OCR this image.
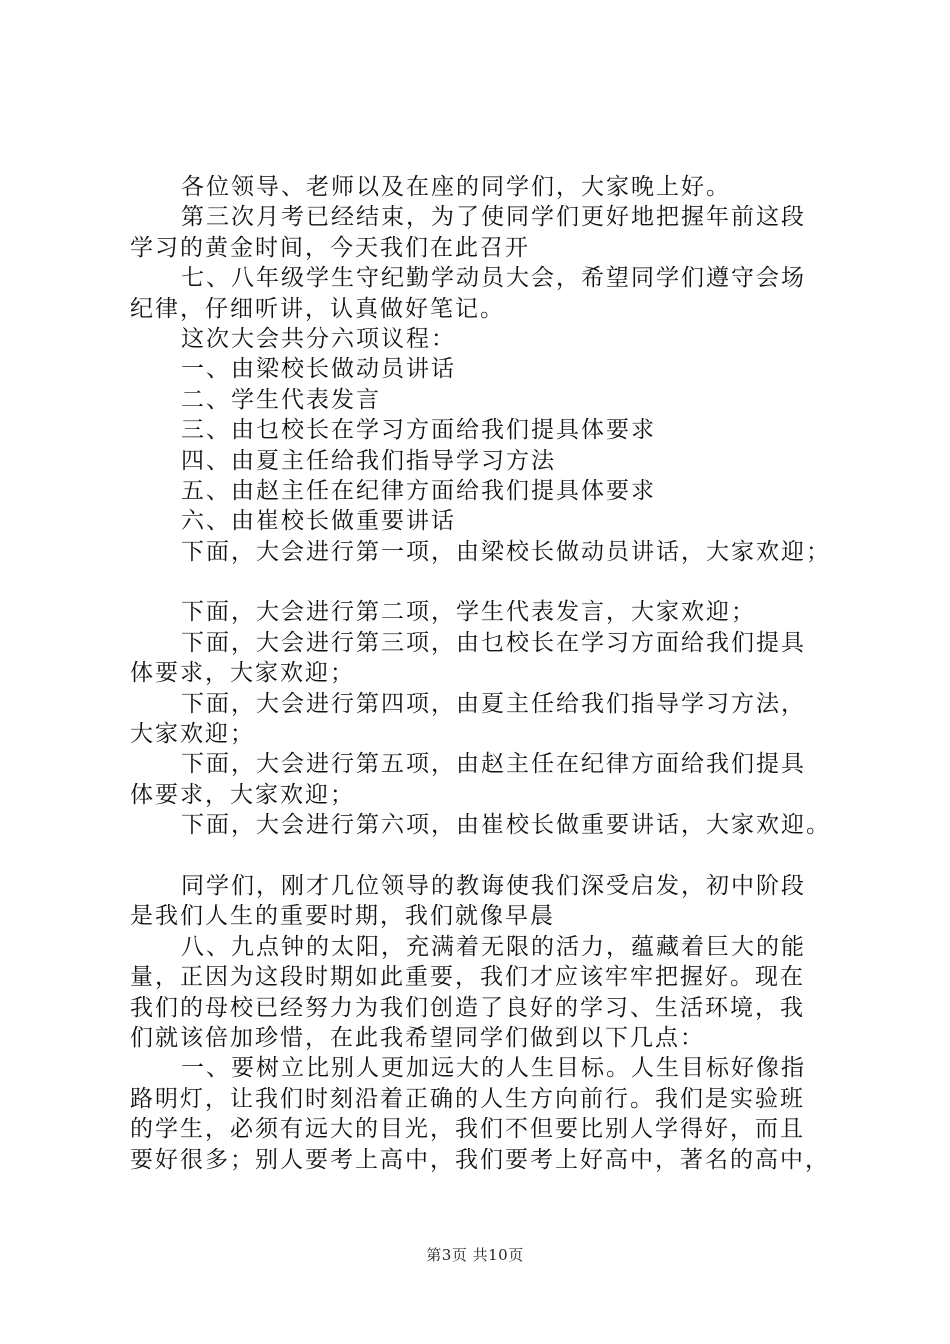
各位领导、老师以及在座的同学们，大家晚上好。
第三次月考已经结束，为了使同学们更好地把握年前这段
学习的黄金时间，今天我们在此召开
七、八年级学生守纪勤学动员大会，希望同学们遵守会场
纪律，仔细听讲，认真做好笔记。
这次大会共分六项议程：
一、由梁校长做动员讲话
二、学生代表发言
三、由乜校长在学习方面给我们提具体要求
四、由夏主任给我们指导学习方法
五、由赵主任在纪律方面给我们提具体要求
六、由崔校长做重要讲话
下面，大会进行第一项，由梁校长做动员讲话，大家欢迎；
下面，大会进行第二项，学生代表发言，大家欢迎；
下面，大会进行第三项，由乜校长在学习方面给我们提具
体要求，大家欢迎；
下面，大会进行第四项，由夏主任给我们指导学习方法，
大家欢迎；
下面，大会进行第五项，由赵主任在纪律方面给我们提具
体要求，大家欢迎；
下面，大会进行第六项，由崔校长做重要讲话，大家欢迎。
同学们，刚才几位领导的教诲使我们深受启发，初中阶段
是我们人生的重要时期，我们就像早晨
八、九点钟的太阳，充满着无限的活力，蕴藏着巨大的能
量，正因为这段时期如此重要，我们才应该牢牢把握好。现在
我们的母校已经努力为我们创造了良好的学习、生活环境，我
们就该倍加珍惜，在此我希望同学们做到以下几点：
一、要树立比别人更加远大的人生目标。人生目标好像指
路明灯，让我们时刻沿着正确的人生方向前行。我们是实验班
的学生，必须有远大的目光，我们不但要比别人学得好，而且
要好很多；别人要考上高中，我们要考上好高中，著名的高中，
第3页 共10页
